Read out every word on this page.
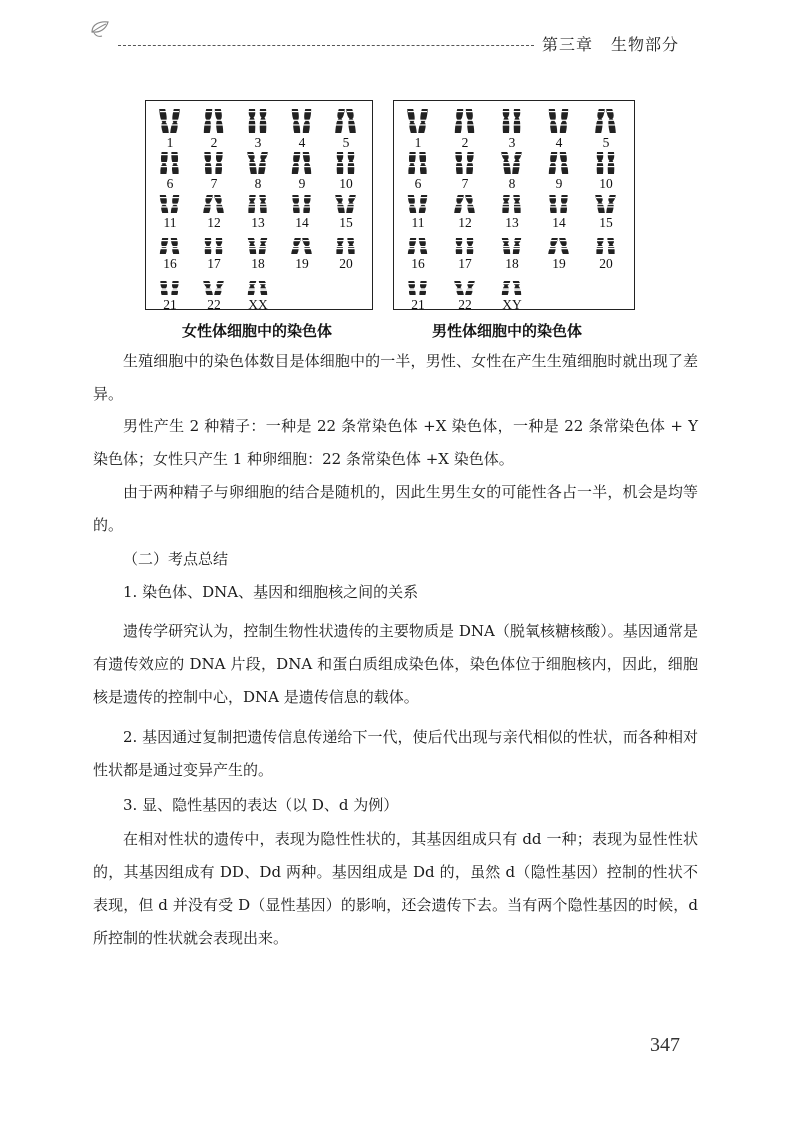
第三章 生物部分
1	2	3	4	5
6	7	8	9	10
11	12	13	14	15
16	17	18	19	20
21	22	XX
1	2	3	4	5
6	7	8	9	10
11	12	13	14	15
16	17	18	19	20
21	22	XY
女性体细胞中的染色体	男性体细胞中的染色体
生殖细胞中的染色体数目是体细胞中的一半，男性、女性在产生生殖细胞时就出现了差异。
男性产生 2 种精子：一种是 22 条常染色体 +X 染色体，一种是 22 条常染色体 + Y 染色体；女性只产生 1 种卵细胞：22 条常染色体 +X 染色体。
由于两种精子与卵细胞的结合是随机的，因此生男生女的可能性各占一半，机会是均等的。
（二）考点总结
1. 染色体、DNA、基因和细胞核之间的关系
遗传学研究认为，控制生物性状遗传的主要物质是 DNA（脱氧核糖核酸）。基因通常是有遗传效应的 DNA 片段，DNA 和蛋白质组成染色体，染色体位于细胞核内，因此，细胞核是遗传的控制中心，DNA 是遗传信息的载体。
2. 基因通过复制把遗传信息传递给下一代，使后代出现与亲代相似的性状，而各种相对性状都是通过变异产生的。
3. 显、隐性基因的表达（以 D、d 为例）
在相对性状的遗传中，表现为隐性性状的，其基因组成只有 dd 一种；表现为显性性状的，其基因组成有 DD、Dd 两种。基因组成是 Dd 的，虽然 d（隐性基因）控制的性状不表现，但 d 并没有受 D（显性基因）的影响，还会遗传下去。当有两个隐性基因的时候，d 所控制的性状就会表现出来。
347
